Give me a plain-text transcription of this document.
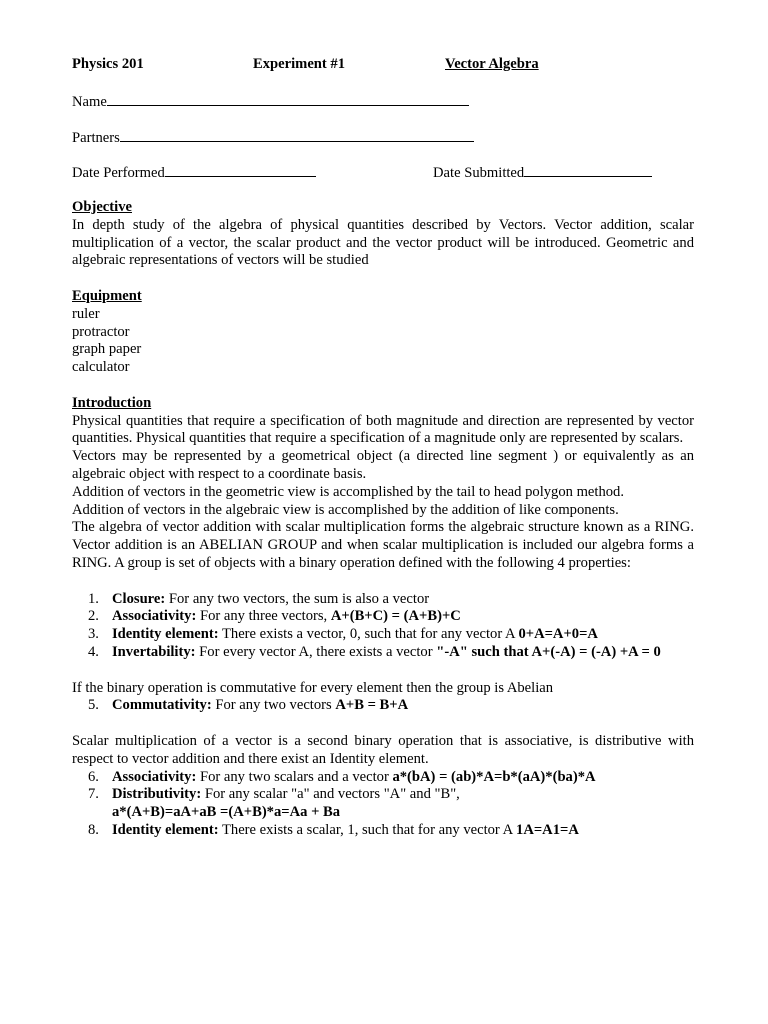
Physics 201	Experiment #1	Vector Algebra
Name
Partners
Date Performed	Date Submitted
Objective

In depth study of the algebra of physical quantities described by Vectors. Vector addition, scalar multiplication of a vector, the scalar product and the vector product will be introduced. Geometric and algebraic representations of vectors will be studied

Equipment
ruler
protractor
graph paper
calculator
Introduction

Physical quantities that require a specification of both magnitude and direction are represented by vector quantities. Physical quantities that require a specification of a magnitude only are represented by scalars.

Vectors may be represented by a geometrical object (a directed line segment ) or equivalently as an algebraic object with respect to a coordinate basis.

Addition of vectors in the geometric view is accomplished by the tail to head polygon method.

Addition of vectors in the algebraic view is accomplished by the addition of like components.

The algebra of vector addition with scalar multiplication forms the algebraic structure known as a RING. Vector addition is an ABELIAN GROUP and when scalar multiplication is included our algebra forms a RING. A group is set of objects with a binary operation defined with the following 4 properties:

1. Closure: For any two vectors, the sum is also a vector
2. Associativity: For any three vectors, A+(B+C) = (A+B)+C
3. Identity element: There exists a vector, 0, such that for any vector A 0+A=A+0=A
4. Invertability: For every vector A, there exists a vector "-A" such that A+(-A) = (-A) +A = 0

If the binary operation is commutative for every element then the group is Abelian

5. Commutativity: For any two vectors A+B = B+A

Scalar multiplication of a vector is a second binary operation that is associative, is distributive with respect to vector addition and there exist an Identity element.

6. Associativity: For any two scalars and a vector a*(bA) = (ab)*A=b*(aA)*(ba)*A
7. Distributivity: For any scalar "a" and vectors "A" and "B",
a*(A+B)=aA+aB =(A+B)*a=Aa + Ba
8. Identity element: There exists a scalar, 1, such that for any vector A 1A=A1=A
